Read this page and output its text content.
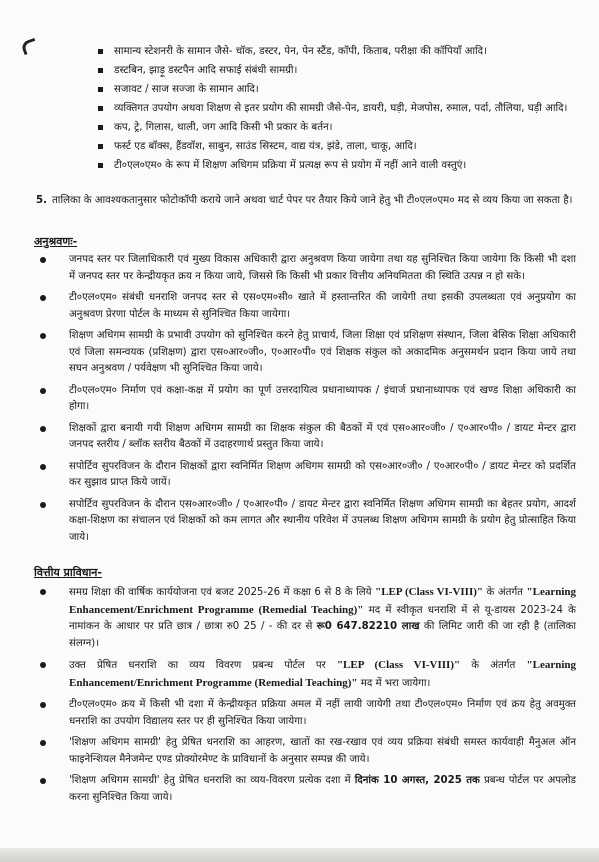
सामान्य स्टेशनरी के सामान जैसे- चॉक, डस्टर, पेन, पेन स्टैंड, कॉपी, किताब, परीक्षा की कॉपियाँ आदि।
डस्टबिन, झाड़ू डस्टपैन आदि सफाई संबंधी सामग्री।
सजावट / साज सज्जा के सामान आदि।
व्यक्तिगत उपयोग अथवा शिक्षण से इतर प्रयोग की सामग्री जैसे-पेन, डायरी, घड़ी, मेजपोस, रुमाल, पर्दा, तौलिया, घड़ी आदि।
कप, ट्रे, गिलास, थाली, जग आदि किसी भी प्रकार के बर्तन।
फर्स्ट एड बॉक्स, हैंडवॉश, साबुन, साउंड सिस्टम, वाद्य यंत्र, झंडे, ताला, चाकू, आदि।
टी०एल०एम० के रूप में शिक्षण अधिगम प्रक्रिया में प्रत्यक्ष रूप से प्रयोग में नहीं आने वाली वस्तुएं।
5. तालिका के आवश्यकतानुसार फोटोकॉपी कराये जाने अथवा चार्ट पेपर पर तैयार किये जाने हेतु भी टी०एल०एम० मद से व्यय किया जा सकता है।
अनुश्रवणः-
जनपद स्तर पर जिलाधिकारी एवं मुख्य विकास अधिकारी द्वारा अनुश्रवण किया जायेगा तथा यह सुनिश्चित किया जायेगा कि किसी भी दशा में जनपद स्तर पर केन्द्रीयकृत क्रय न किया जाये, जिससे कि किसी भी प्रकार वित्तीय अनियमितता की स्थिति उत्पन्न न हो सके।
टी०एल०एम० संबंधी धनराशि जनपद स्तर से एस०एम०सी० खाते में हस्तान्तरित की जायेगी तथा इसकी उपलब्धता एवं अनुप्रयोग का अनुश्रवण प्रेरणा पोर्टल के माध्यम से सुनिश्चित किया जायेगा।
शिक्षण अधिगम सामग्री के प्रभावी उपयोग को सुनिश्चित करने हेतु प्राचार्य, जिला शिक्षा एवं प्रशिक्षण संस्थान, जिला बेसिक शिक्षा अधिकारी एवं जिला समन्वयक (प्रशिक्षण) द्वारा एस०आर०जी०, ए०आर०पी० एवं शिक्षक संकुल को अकादमिक अनुसमर्थन प्रदान किया जाये तथा सघन अनुश्रवण / पर्यवेक्षण भी सुनिश्चित किया जाये।
टी०एल०एम० निर्माण एवं कक्षा-कक्ष में प्रयोग का पूर्ण उत्तरदायित्व प्रधानाध्यापक / इंचार्ज प्रधानाध्यापक एवं खण्ड शिक्षा अधिकारी का होगा।
शिक्षकों द्वारा बनायी गयी शिक्षण अधिगम सामग्री का शिक्षक संकुल की बैठकों में एवं एस०आर०जी० / ए०आर०पी० / डायट मेन्टर द्वारा जनपद स्तरीय / ब्लॉक स्तरीय बैठकों में उदाहरणार्थ प्रस्तुत किया जाये।
सपोर्टिव सुपरविजन के दौरान शिक्षकों द्वारा स्वनिर्मित शिक्षण अधिगम सामग्री को एस०आर०जी० / ए०आर०पी० / डायट मेन्टर को प्रदर्शित कर सुझाव प्राप्त किये जायें।
सपोर्टिव सुपरविजन के दौरान एस०आर०जी० / ए०आर०पी० / डायट मेन्टर द्वारा स्वनिर्मित शिक्षण अधिगम सामग्री का बेहतर प्रयोग, आदर्श कक्षा-शिक्षण का संचालन एवं शिक्षकों को कम लागत और स्थानीय परिवेश में उपलब्ध शिक्षण अधिगम सामग्री के प्रयोग हेतु प्रोत्साहित किया जाये।
वित्तीय प्राविधान-
समग्र शिक्षा की वार्षिक कार्ययोजना एवं बजट 2025-26 में कक्षा 6 से 8 के लिये "LEP (Class VI-VIII)" के अंतर्गत "Learning Enhancement/Enrichment Programme (Remedial Teaching)" मद में स्वीकृत धनराशि में से यू-डायस 2023-24 के नामांकन के आधार पर प्रति छात्र / छात्रा रु0 25 / - की दर से रू0 647.82210 लाख की लिमिट जारी की जा रही है (तालिका संलग्न)।
उक्त प्रेषित धनराशि का व्यय विवरण प्रबन्ध पोर्टल पर "LEP (Class VI-VIII)" के अंतर्गत "Learning Enhancement/Enrichment Programme (Remedial Teaching)" मद में भरा जायेगा।
टी०एल०एम० क्रय में किसी भी दशा में केन्द्रीयकृत प्रक्रिया अमल में नहीं लायी जायेगी तथा टी०एल०एम० निर्माण एवं क्रय हेतु अवमुक्त धनराशि का उपयोग विद्यालय स्तर पर ही सुनिश्चित किया जायेगा।
'शिक्षण अधिगम सामग्री' हेतु प्रेषित धनराशि का आहरण, खातों का रख-रखाव एवं व्यय प्रक्रिया संबंधी समस्त कार्यवाही मैनुअल ऑन फाइनेन्शियल मैनेजमेन्ट एण्ड प्रोक्योरमेण्ट के प्राविधानों के अनुसार सम्पन्न की जाये।
'शिक्षण अधिगम सामग्री' हेतु प्रेषित धनराशि का व्यय-विवरण प्रत्येक दशा में दिनांक 10 अगस्त, 2025 तक प्रबन्ध पोर्टल पर अपलोड करना सुनिश्चित किया जाये।
